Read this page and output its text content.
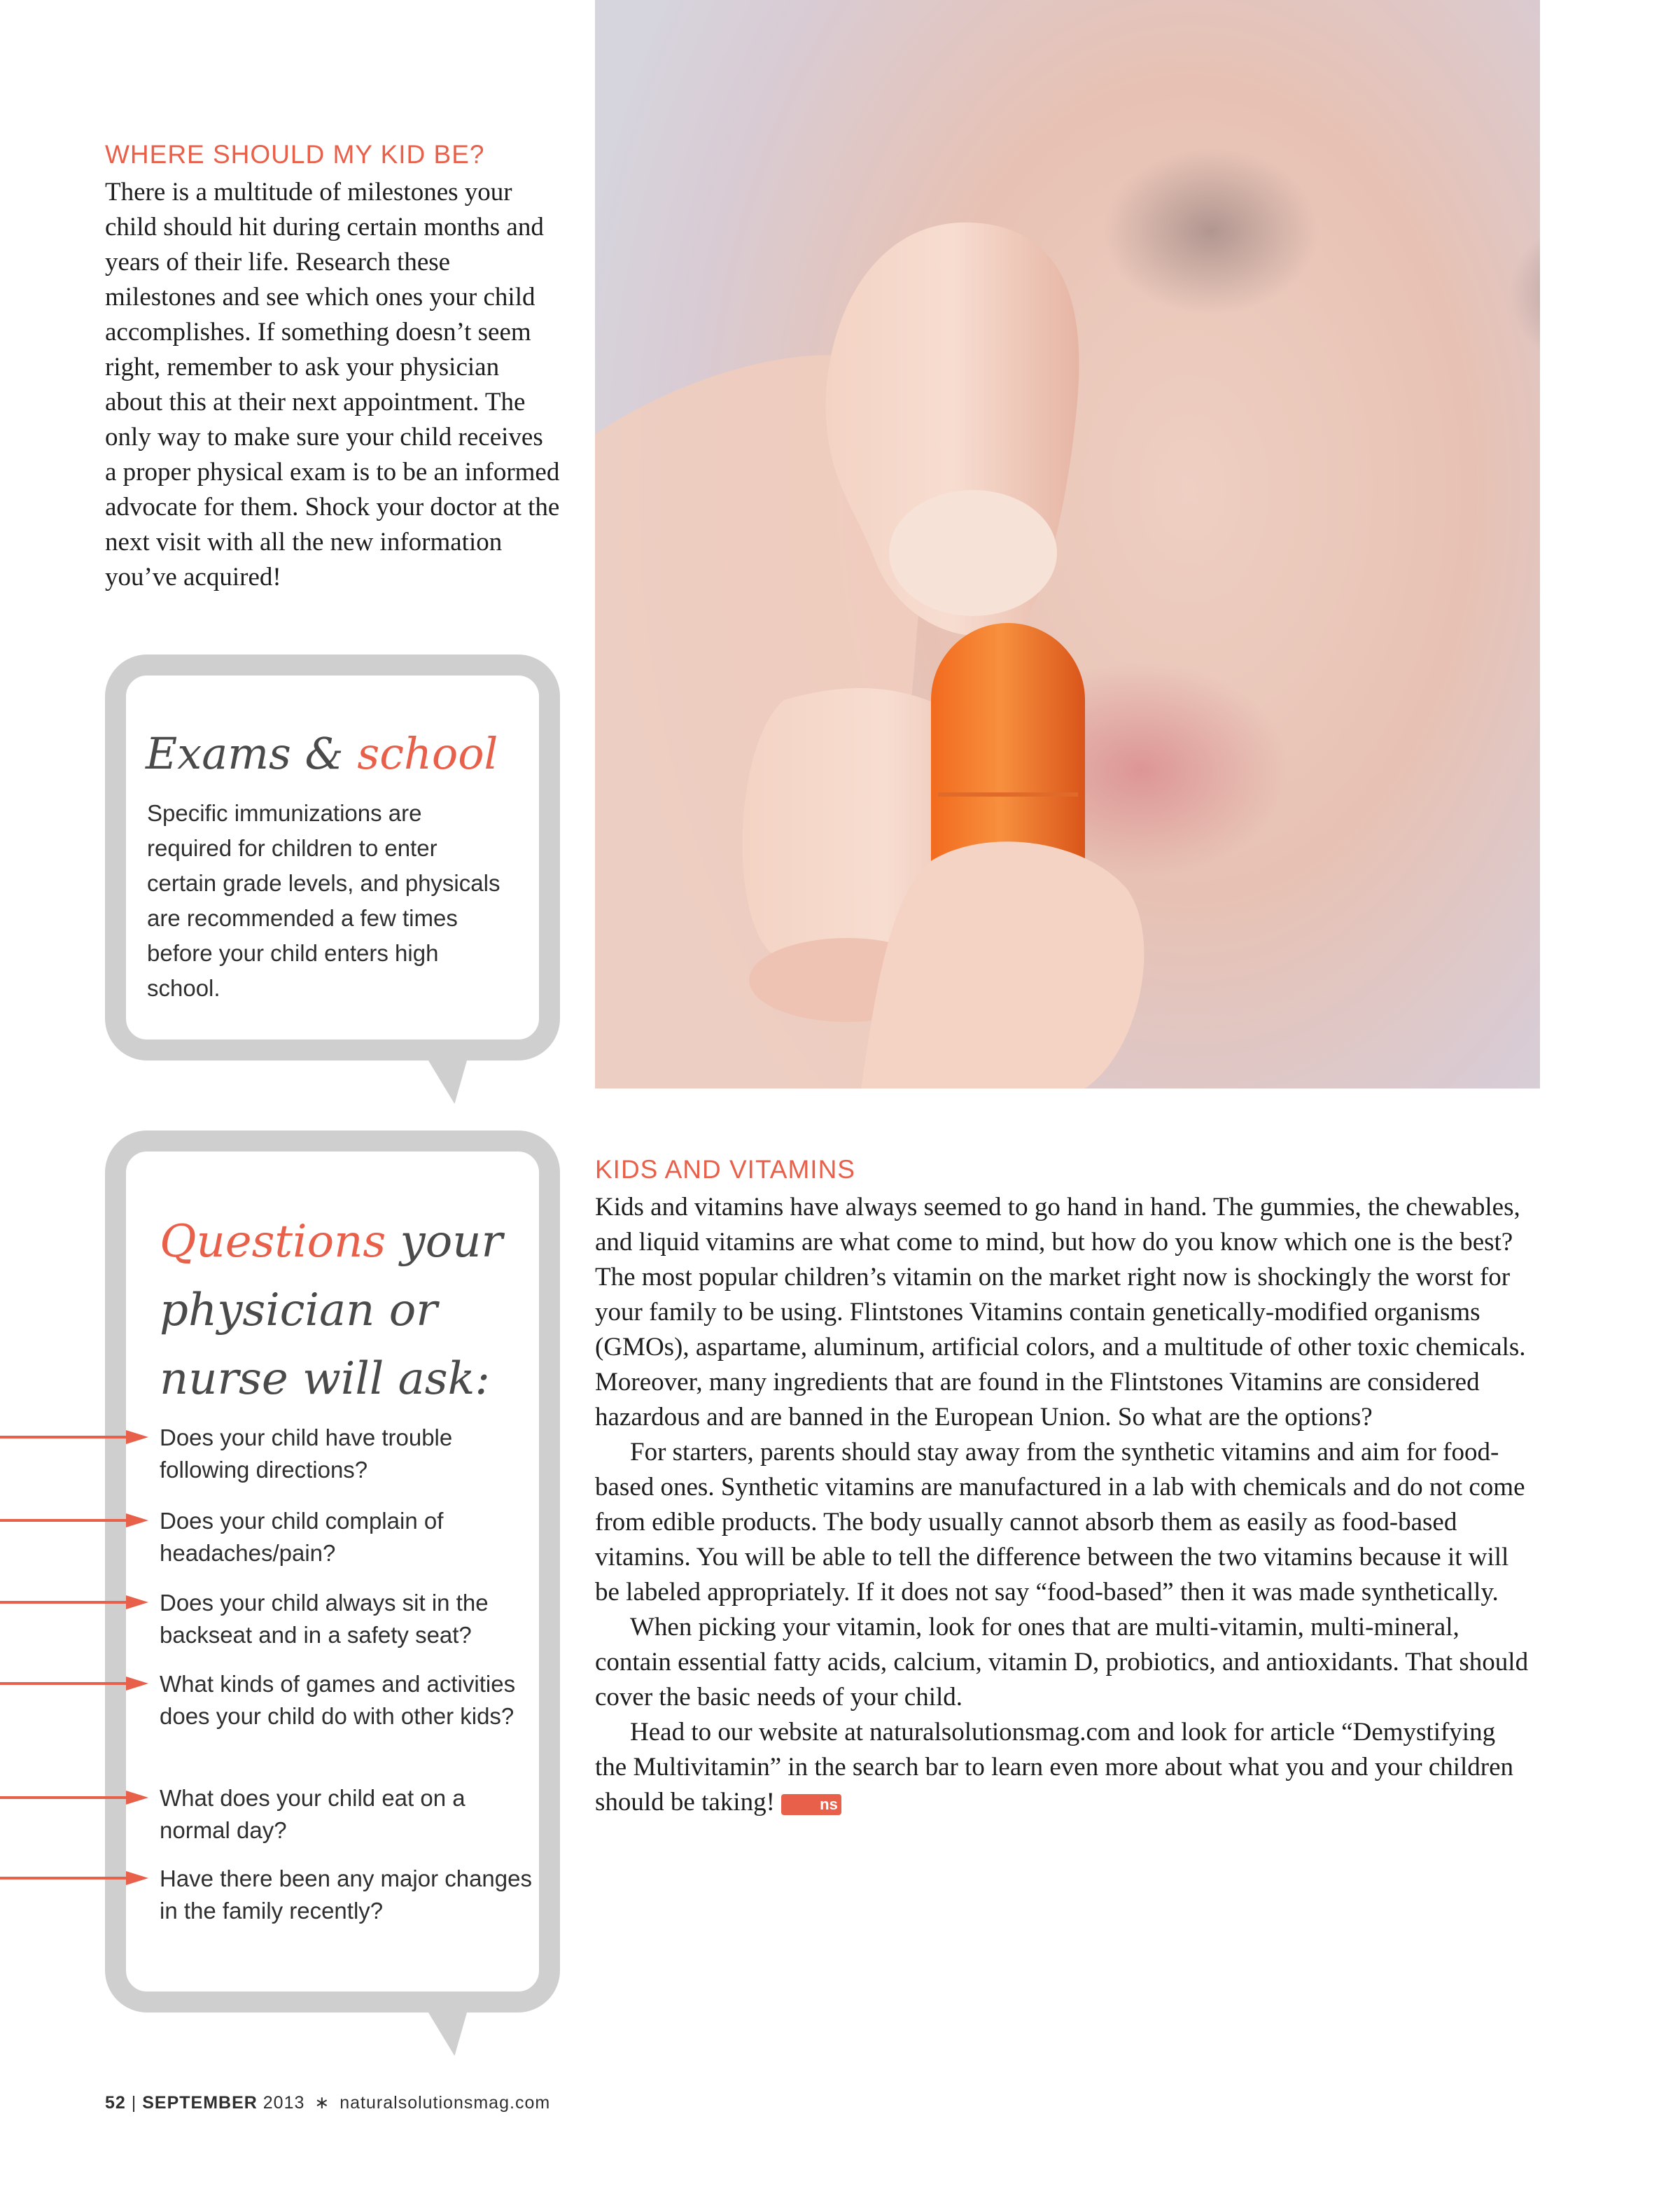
WHERE SHOULD MY KID BE?

There is a multitude of milestones your child should hit during certain months and years of their life. Research these milestones and see which ones your child accomplishes. If something doesn’t seem right, remember to ask your physician about this at their next appointment. The only way to make sure your child receives a proper physical exam is to be an informed advocate for them. Shock your doctor at the next visit with all the new information you’ve acquired!

Exams & school

Specific immunizations are required for children to enter certain grade levels, and physicals are recommended a few times before your child enters high school.

Questions your
physician or
nurse will ask:
Does your child have trouble following directions?
Does your child complain of headaches/pain?
Does your child always sit in the backseat and in a safety seat?
What kinds of games and activities does your child do with other kids?
What does your child eat on a normal day?
Have there been any major changes in the family recently?
KIDS AND VITAMINS

Kids and vitamins have always seemed to go hand in hand. The gummies, the chewables, and liquid vitamins are what come to mind, but how do you know which one is the best? The most popular children’s vitamin on the market right now is shockingly the worst for your family to be using. Flintstones Vitamins contain genetically-modified organisms (GMOs), aspartame, aluminum, artificial colors, and a multitude of other toxic chemicals. Moreover, many ingredients that are found in the Flintstones Vitamins are considered hazardous and are banned in the European Union. So what are the options?

For starters, parents should stay away from the synthetic vitamins and aim for food-based ones. Synthetic vitamins are manufactured in a lab with chemicals and do not come from edible products. The body usually cannot absorb them as easily as food-based vitamins. You will be able to tell the difference between the two vitamins because it will be labeled appropriately. If it does not say “food-based” then it was made synthetically.

When picking your vitamin, look for ones that are multi-vitamin, multi-mineral, contain essential fatty acids, calcium, vitamin D, probiotics, and antioxidants. That should cover the basic needs of your child.

Head to our website at naturalsolutionsmag.com and look for article “Demystifying the Multivitamin” in the search bar to learn even more about what you and your children should be taking!	ns

52 | SEPTEMBER 2013 ∗ naturalsolutionsmag.com
